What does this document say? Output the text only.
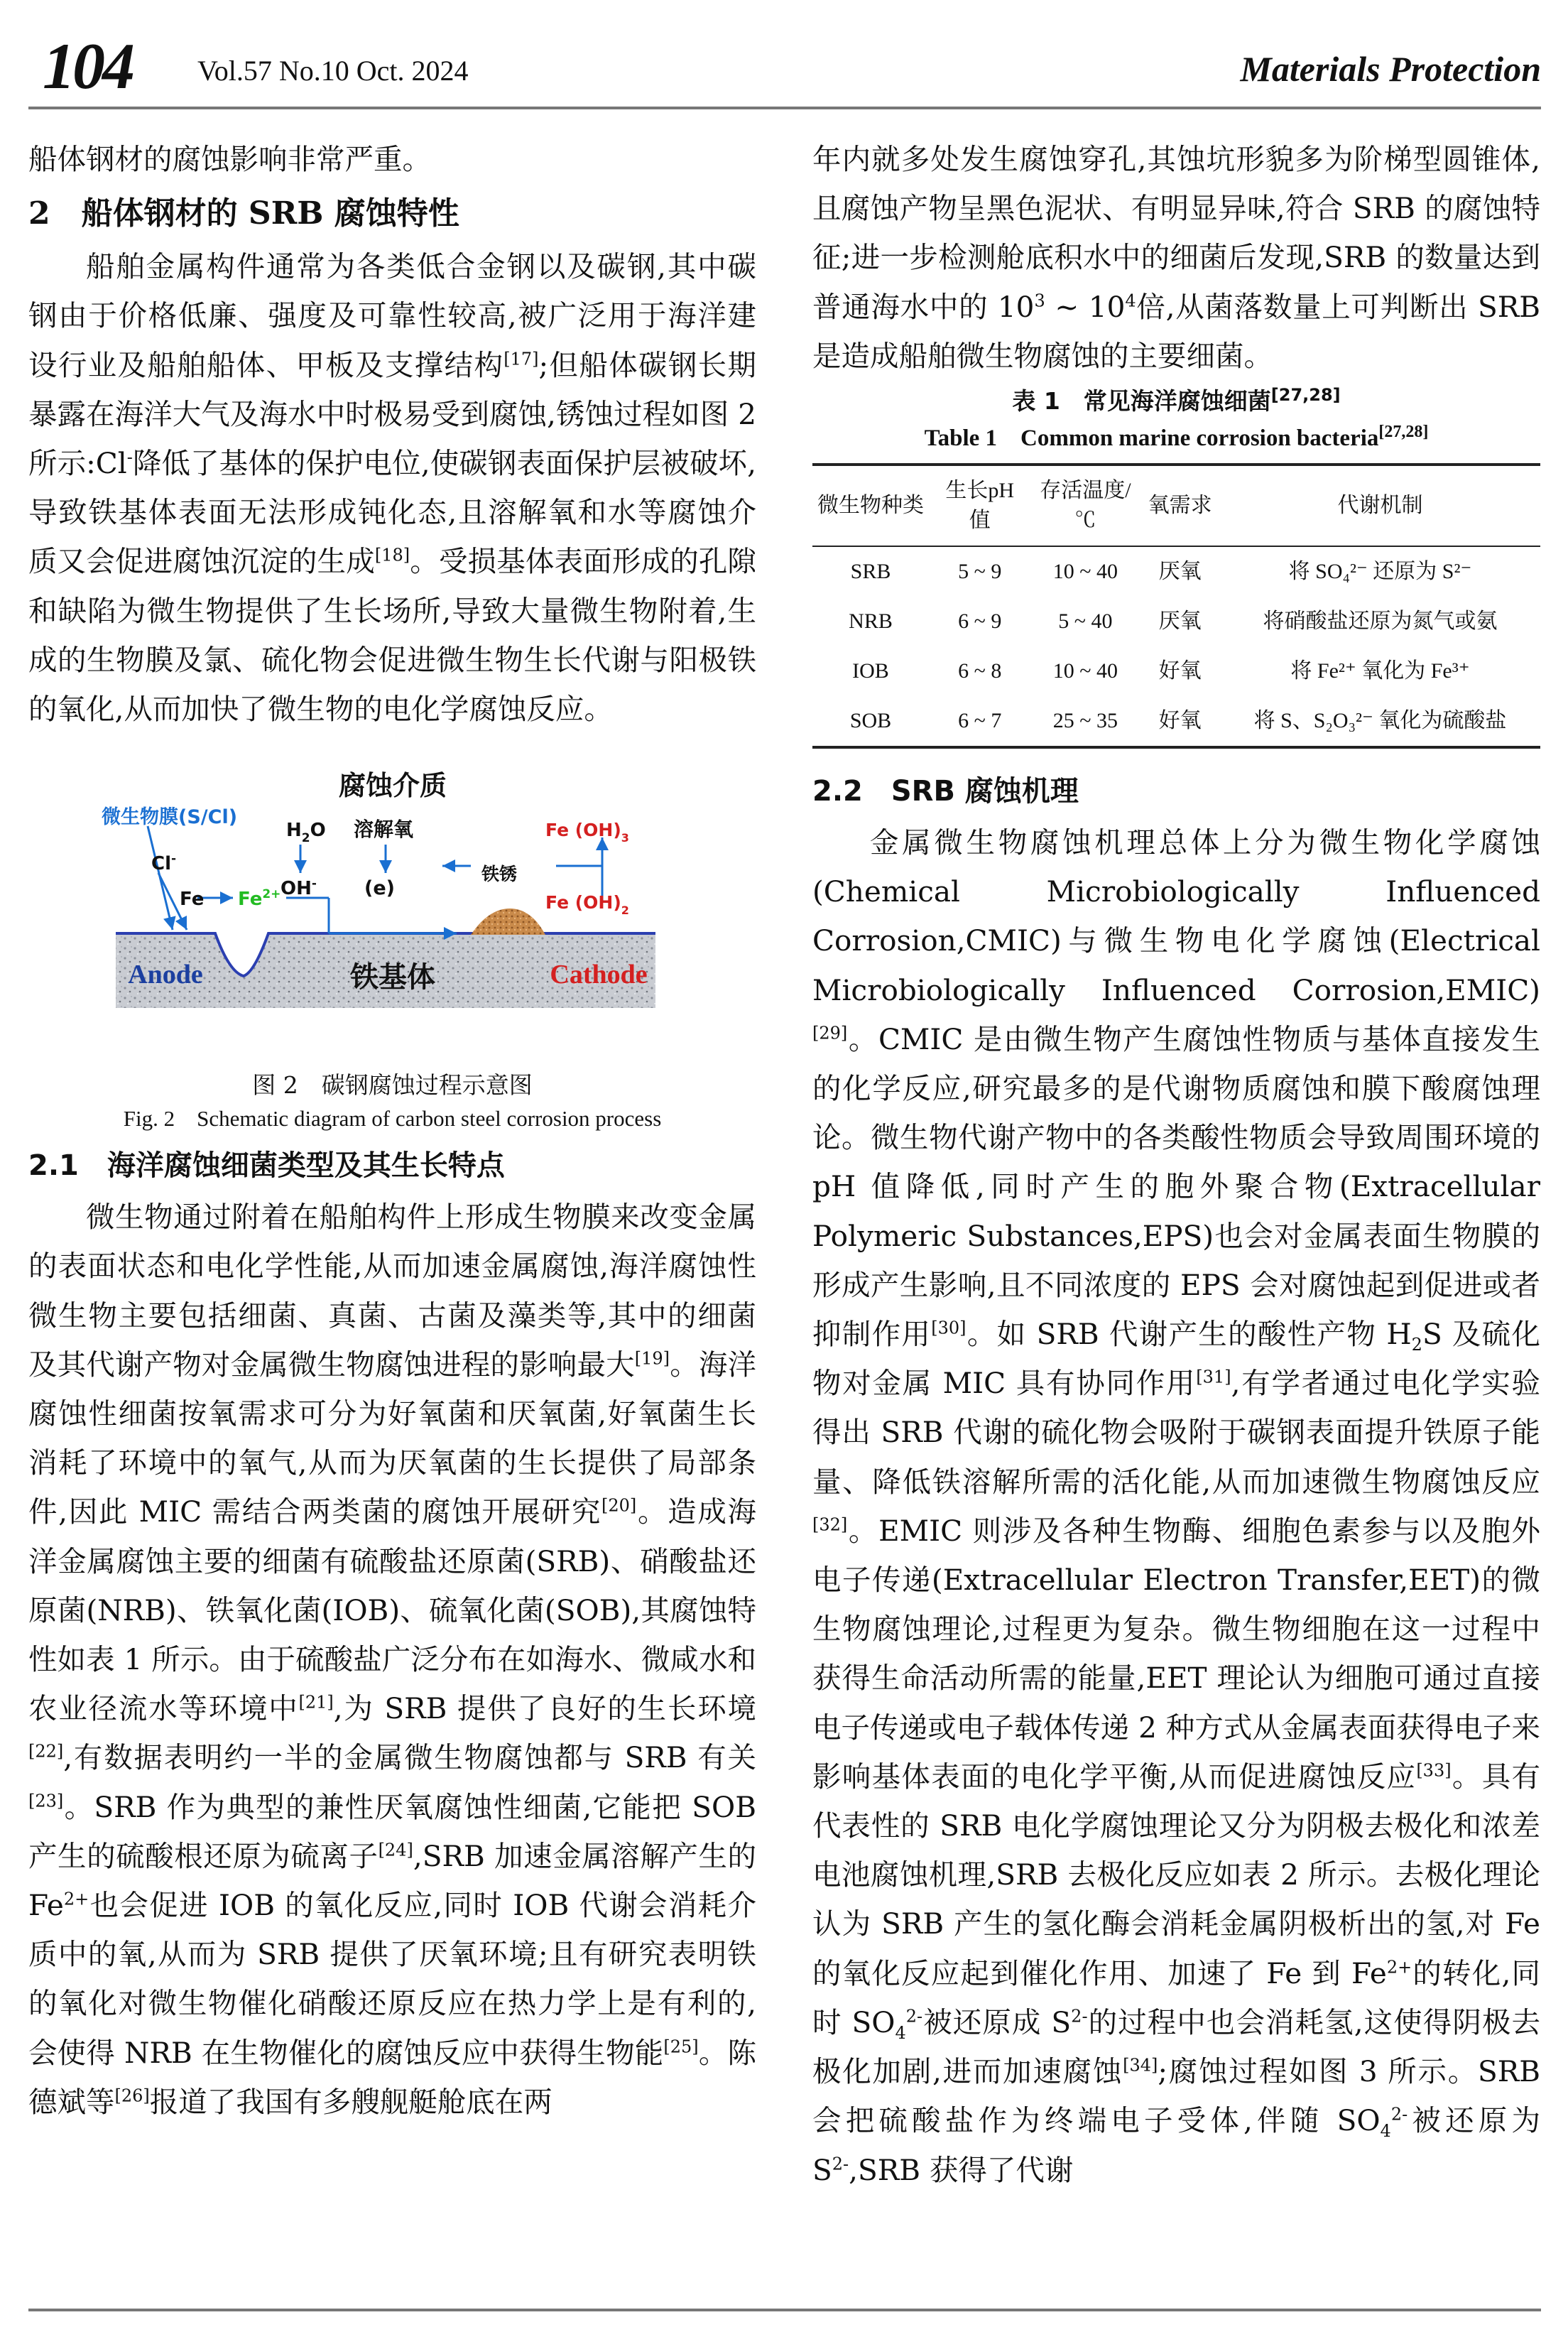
104 Vol.57 No.10 Oct. 2024	Materials Protection

船体钢材的腐蚀影响非常严重。

2　船体钢材的 SRB 腐蚀特性

船舶金属构件通常为各类低合金钢以及碳钢,其中碳钢由于价格低廉、强度及可靠性较高,被广泛用于海洋建设行业及船舶船体、甲板及支撑结构[17];但船体碳钢长期暴露在海洋大气及海水中时极易受到腐蚀,锈蚀过程如图 2 所示:Cl-降低了基体的保护电位,使碳钢表面保护层被破坏,导致铁基体表面无法形成钝化态,且溶解氧和水等腐蚀介质又会促进腐蚀沉淀的生成[18]。受损基体表面形成的孔隙和缺陷为微生物提供了生长场所,导致大量微生物附着,生成的生物膜及氯、硫化物会促进微生物生长代谢与阳极铁的氧化,从而加快了微生物的电化学腐蚀反应。

腐蚀介质
微生物膜(S/Cl)
Cl-
Fe $Fe^{2+}$
$H_2O$ 溶解氧
OH- (e)
Fe $(OH)_3$
Fe $(OH)_2$
铁锈
Anode	铁基体	Cathode
图 2　碳钢腐蚀过程示意图
Fig. 2　Schematic diagram of carbon steel corrosion process
2.1　海洋腐蚀细菌类型及其生长特点

微生物通过附着在船舶构件上形成生物膜来改变金属的表面状态和电化学性能,从而加速金属腐蚀,海洋腐蚀性微生物主要包括细菌、真菌、古菌及藻类等,其中的细菌及其代谢产物对金属微生物腐蚀进程的影响最大[19]。海洋腐蚀性细菌按氧需求可分为好氧菌和厌氧菌,好氧菌生长消耗了环境中的氧气,从而为厌氧菌的生长提供了局部条件,因此 MIC 需结合两类菌的腐蚀开展研究[20]。造成海洋金属腐蚀主要的细菌有硫酸盐还原菌(SRB)、硝酸盐还原菌(NRB)、铁氧化菌(IOB)、硫氧化菌(SOB),其腐蚀特性如表 1 所示。由于硫酸盐广泛分布在如海水、微咸水和农业径流水等环境中[21],为 SRB 提供了良好的生长环境[22],有数据表明约一半的金属微生物腐蚀都与 SRB 有关[23]。SRB 作为典型的兼性厌氧腐蚀性细菌,它能把 SOB 产生的硫酸根还原为硫离子[24],SRB 加速金属溶解产生的 $Fe^{2+}$也会促进 IOB 的氧化反应,同时 IOB 代谢会消耗介质中的氧,从而为 SRB 提供了厌氧环境;且有研究表明铁的氧化对微生物催化硝酸还原反应在热力学上是有利的,会使得 NRB 在生物催化的腐蚀反应中获得生物能[25]。陈德斌等[26]报道了我国有多艘舰艇舱底在两

年内就多处发生腐蚀穿孔,其蚀坑形貌多为阶梯型圆锥体,且腐蚀产物呈黑色泥状、有明显异味,符合 SRB 的腐蚀特征;进一步检测舱底积水中的细菌后发现,SRB 的数量达到普通海水中的 $10^3$ ~ $10^4$倍,从菌落数量上可判断出 SRB 是造成船舶微生物腐蚀的主要细菌。

表 1　常见海洋腐蚀细菌[27,28]
Table 1　Common marine corrosion bacteria[27,28]
微生物种类	生长pH 值	存活温度/℃	氧需求	代谢机制
SRB	5 ~ 9	10 ~ 40	厌氧	将 SO₄²⁻ 还原为 S²⁻
NRB	6 ~ 9	5 ~ 40	厌氧	将硝酸盐还原为氮气或氨
IOB	6 ~ 8	10 ~ 40	好氧	将 Fe²⁺ 氧化为 Fe³⁺
SOB	6 ~ 7	25 ~ 35	好氧	将 S、S₂O₃²⁻ 氧化为硫酸盐
2.2　SRB 腐蚀机理

金属微生物腐蚀机理总体上分为微生物化学腐蚀(Chemical Microbiologically Influenced Corrosion,CMIC)与微生物电化学腐蚀(Electrical Microbiologically Influenced Corrosion,EMIC)[29]。CMIC 是由微生物产生腐蚀性物质与基体直接发生的化学反应,研究最多的是代谢物质腐蚀和膜下酸腐蚀理论。微生物代谢产物中的各类酸性物质会导致周围环境的 pH 值降低,同时产生的胞外聚合物(Extracellular Polymeric Substances,EPS)也会对金属表面生物膜的形成产生影响,且不同浓度的 EPS 会对腐蚀起到促进或者抑制作用[30]。如 SRB 代谢产生的酸性产物 $H_2S$ 及硫化物对金属 MIC 具有协同作用[31],有学者通过电化学实验得出 SRB 代谢的硫化物会吸附于碳钢表面提升铁原子能量、降低铁溶解所需的活化能,从而加速微生物腐蚀反应[32]。EMIC 则涉及各种生物酶、细胞色素参与以及胞外电子传递(Extracellular Electron Transfer,EET)的微生物腐蚀理论,过程更为复杂。微生物细胞在这一过程中获得生命活动所需的能量,EET 理论认为细胞可通过直接电子传递或电子载体传递 2 种方式从金属表面获得电子来影响基体表面的电化学平衡,从而促进腐蚀反应[33]。具有代表性的 SRB 电化学腐蚀理论又分为阴极去极化和浓差电池腐蚀机理,SRB 去极化反应如表 2 所示。去极化理论认为 SRB 产生的氢化酶会消耗金属阴极析出的氢,对 Fe 的氧化反应起到催化作用、加速了 Fe 到 $Fe^{2+}$的转化,同时 $SO_4^{2-}$被还原成 $S^{2-}$的过程中也会消耗氢,这使得阴极去极化加剧,进而加速腐蚀[34];腐蚀过程如图 3 所示。SRB 会把硫酸盐作为终端电子受体,伴随 $SO_4^{2-}$被还原为 $S^{2-},SRB$ 获得了代谢
